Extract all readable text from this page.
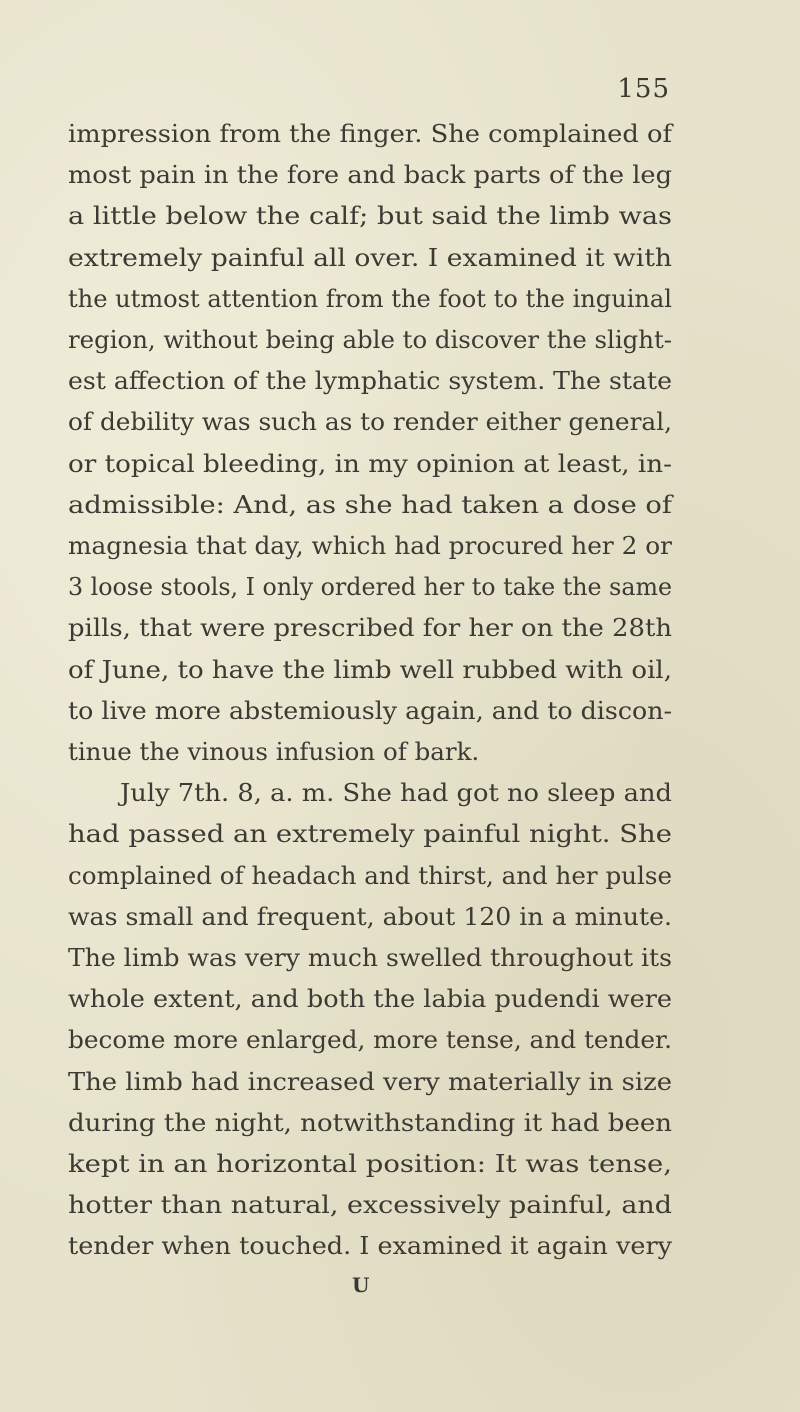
155
impression from the finger. She complained of
most pain in the fore and back parts of the leg
a little below the calf; but said the limb was
extremely painful all over. I examined it with
the utmost attention from the foot to the inguinal
region, without being able to discover the slight-
est affection of the lymphatic system. The state
of debility was such as to render either general,
or topical bleeding, in my opinion at least, in-
admissible: And, as she had taken a dose of
magnesia that day, which had procured her 2 or
3 loose stools, I only ordered her to take the same
pills, that were prescribed for her on the 28th
of June, to have the limb well rubbed with oil,
to live more abstemiously again, and to discon-
tinue the vinous infusion of bark.
July 7th. 8, a. m. She had got no sleep and
had passed an extremely painful night. She
complained of headach and thirst, and her pulse
was small and frequent, about 120 in a minute.
The limb was very much swelled throughout its
whole extent, and both the labia pudendi were
become more enlarged, more tense, and tender.
The limb had increased very materially in size
during the night, notwithstanding it had been
kept in an horizontal position: It was tense,
hotter than natural, excessively painful, and
tender when touched. I examined it again very
U
